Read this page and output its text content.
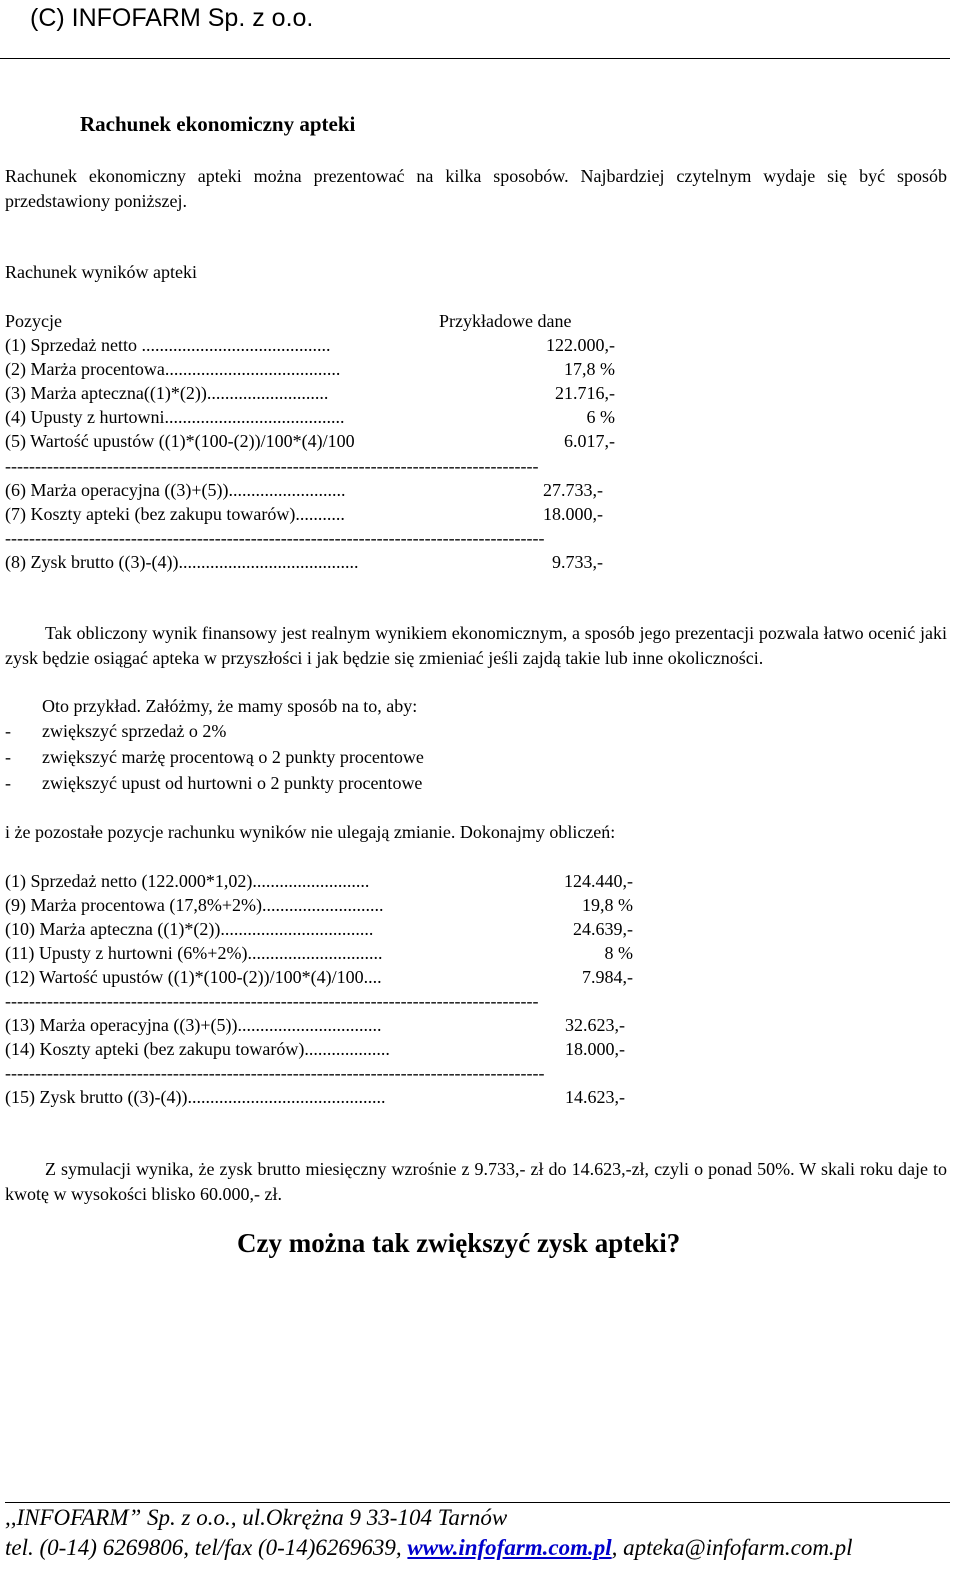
(C) INFOFARM Sp. z o.o.
Rachunek ekonomiczny apteki
Rachunek ekonomiczny apteki można prezentować na kilka sposobów. Najbardziej czytelnym wydaje się być sposób przedstawiony poniższej.
Rachunek wyników apteki
Pozycje	Przykładowe dane
(1) Sprzedaż netto ..........................................	122.000,-
(2) Marża procentowa.......................................	17,8 %
(3) Marża apteczna((1)*(2))...........................	21.716,-
(4) Upusty z hurtowni........................................	6 %
(5) Wartość upustów ((1)*(100-(2))/100*(4)/100	6.017,-
-----------------------------------------------------------------------------------------
(6) Marża operacyjna ((3)+(5))..........................	27.733,-
(7) Koszty apteki (bez zakupu towarów)...........	18.000,-
------------------------------------------------------------------------------------------
(8) Zysk brutto ((3)-(4))........................................	9.733,-
Tak obliczony wynik finansowy jest realnym wynikiem ekonomicznym, a sposób jego prezentacji pozwala łatwo ocenić jaki zysk będzie osiągać apteka w przyszłości i jak będzie się zmieniać jeśli zajdą takie lub inne okoliczności.
Oto przykład. Załóżmy, że mamy sposób na to, aby:
- zwiększyć sprzedaż o 2%
- zwiększyć marżę procentową o 2 punkty procentowe
- zwiększyć upust od hurtowni o 2 punkty procentowe
i że pozostałe pozycje rachunku wyników nie ulegają zmianie. Dokonajmy obliczeń:
(1) Sprzedaż netto (122.000*1,02)..........................	124.440,-
(9) Marża procentowa (17,8%+2%)...........................	19,8 %
(10) Marża apteczna ((1)*(2))..................................	24.639,-
(11) Upusty z hurtowni (6%+2%)..............................	8 %
(12) Wartość upustów ((1)*(100-(2))/100*(4)/100....	7.984,-
-----------------------------------------------------------------------------------------
(13) Marża operacyjna ((3)+(5))................................	32.623,-
(14) Koszty apteki (bez zakupu towarów)...................	18.000,-
------------------------------------------------------------------------------------------
(15) Zysk brutto ((3)-(4))............................................	14.623,-
Z symulacji wynika, że zysk brutto miesięczny wzrośnie z 9.733,- zł do 14.623,-zł, czyli o ponad 50%. W skali roku daje to kwotę w wysokości blisko 60.000,- zł.
Czy można tak zwiększyć zysk apteki?
,,INFOFARM” Sp. z o.o., ul.Okrężna 9 33-104 Tarnów
tel. (0-14) 6269806, tel/fax (0-14)6269639, www.infofarm.com.pl, apteka@infofarm.com.pl
